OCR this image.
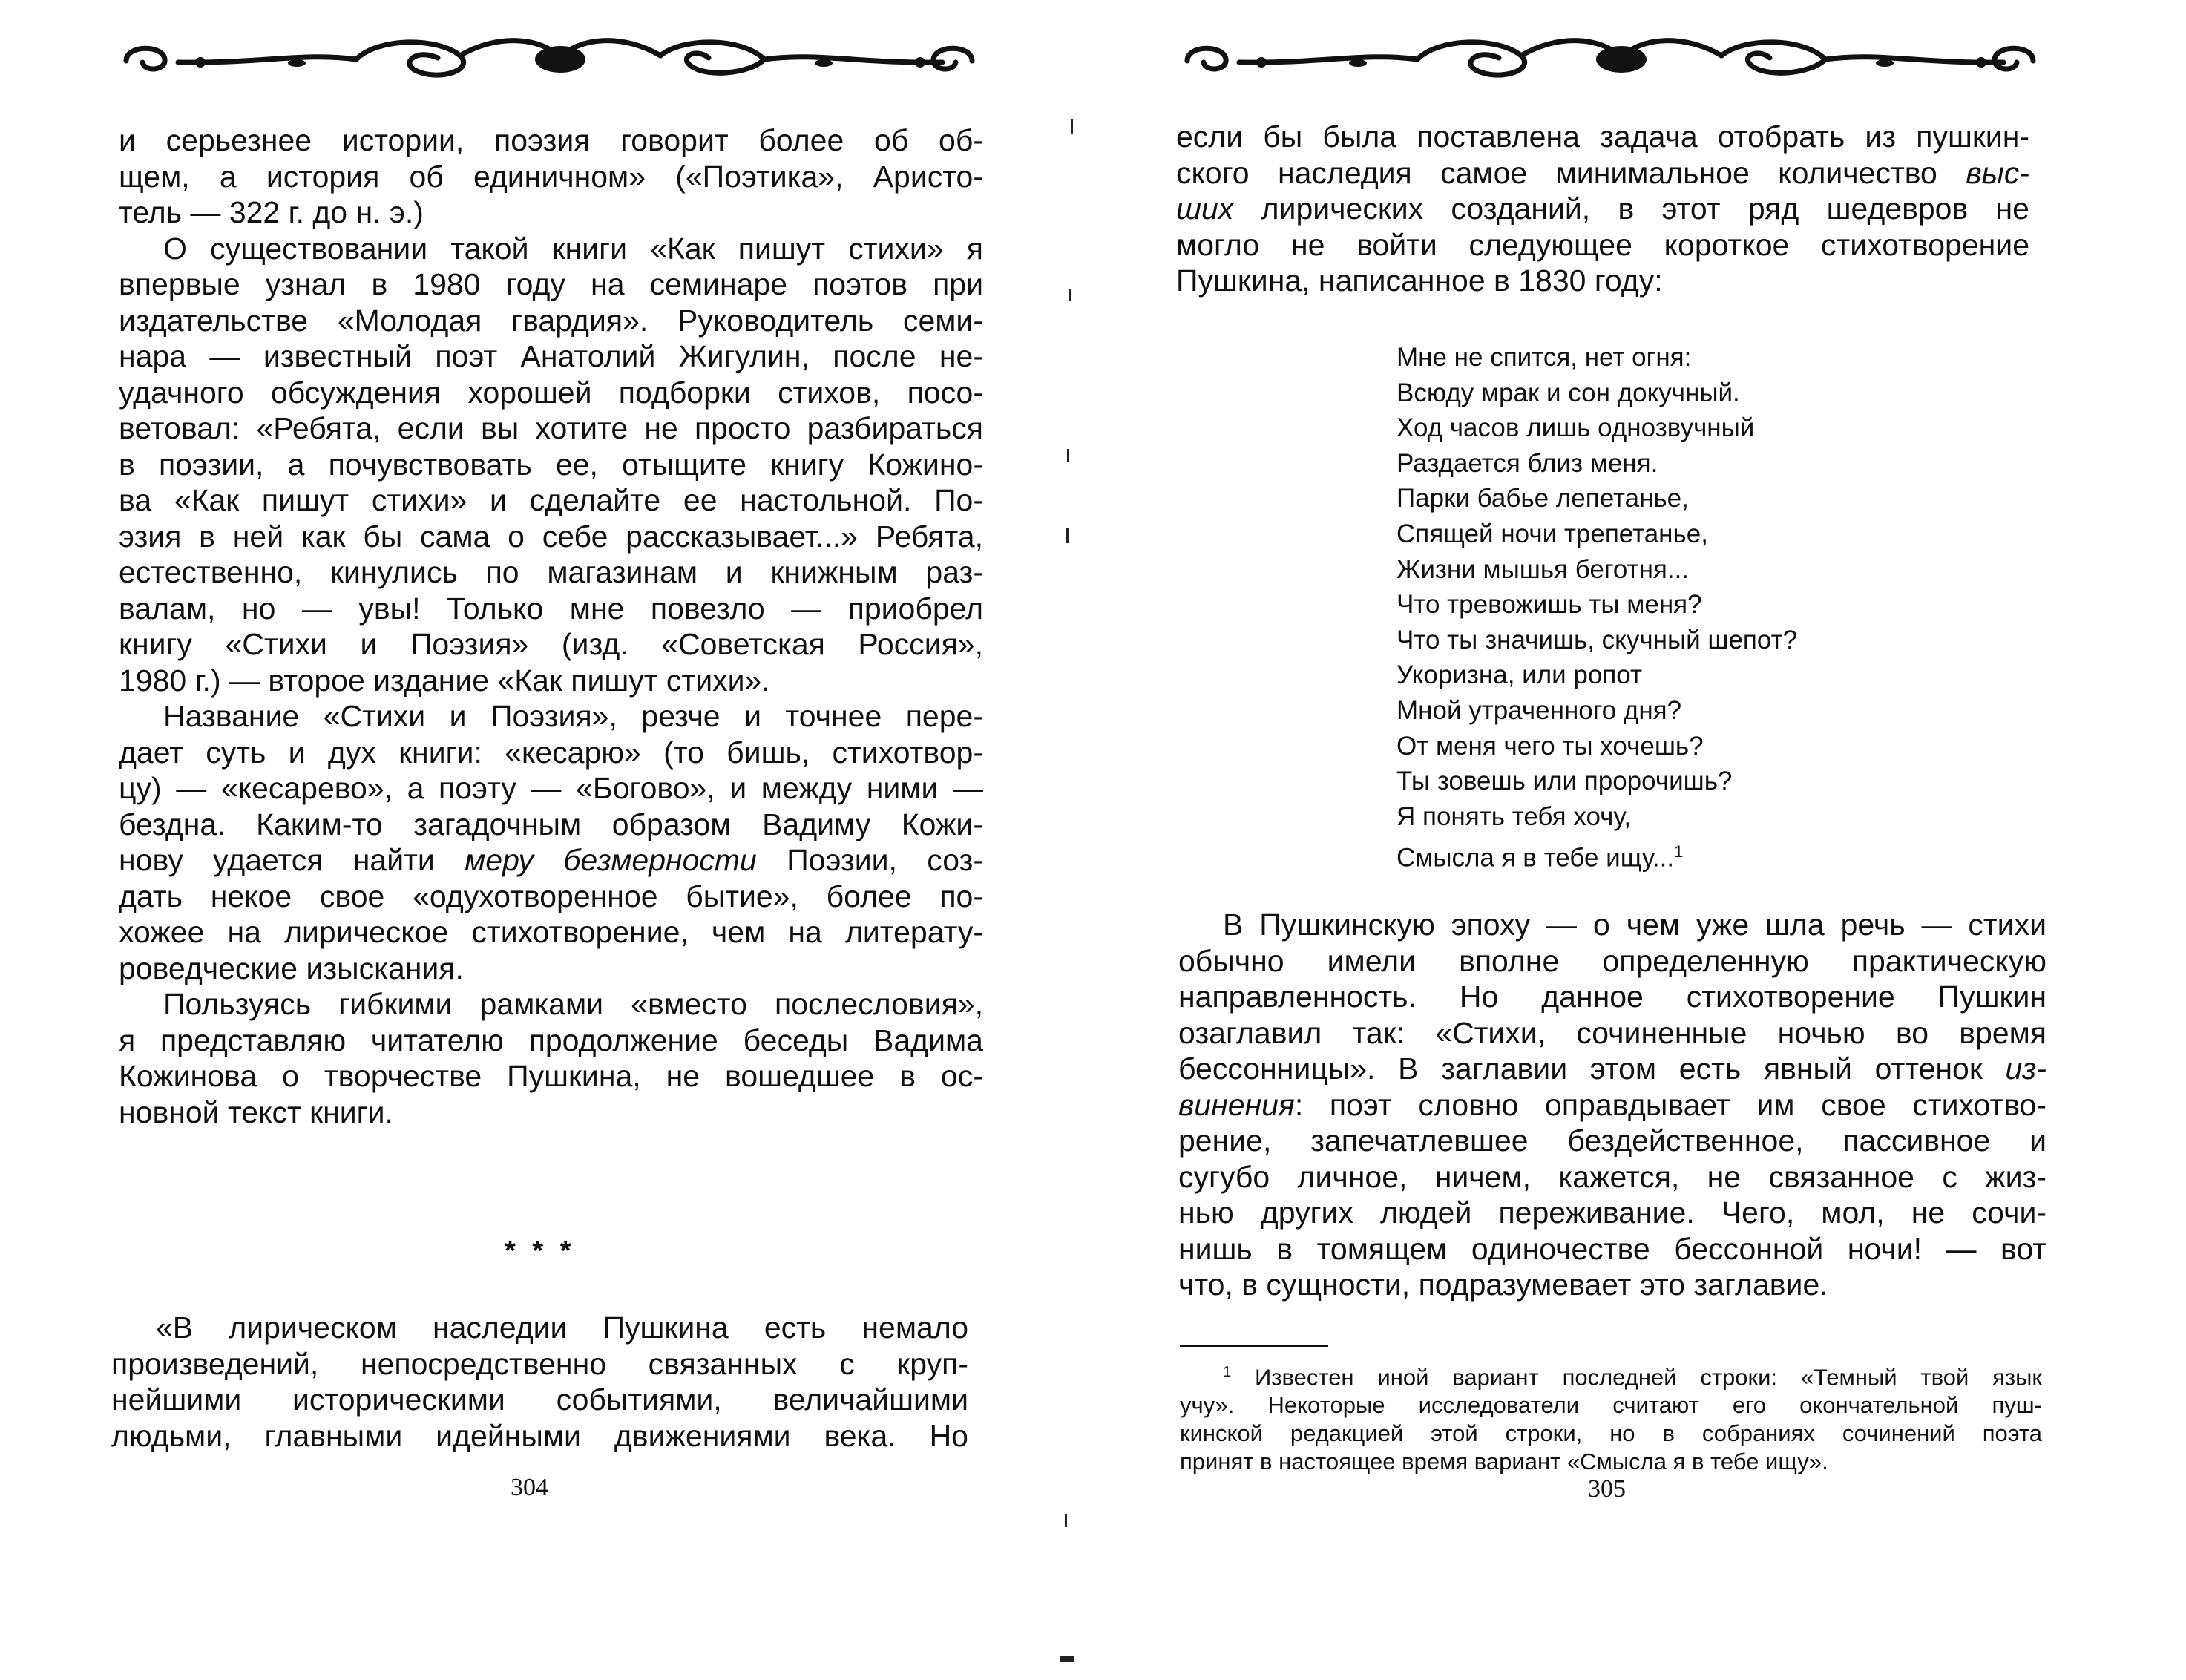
и серьезнее истории, поэзия говорит более об об-
щем, а история об единичном» («Поэтика», Аристо-
тель — 322 г. до н. э.)

О существовании такой книги «Как пишут стихи» я
впервые узнал в 1980 году на семинаре поэтов при
издательстве «Молодая гвардия». Руководитель семи-
нара — известный поэт Анатолий Жигулин, после не-
удачного обсуждения хорошей подборки стихов, посо-
ветовал: «Ребята, если вы хотите не просто разбираться
в поэзии, а почувствовать ее, отыщите книгу Кожино-
ва «Как пишут стихи» и сделайте ее настольной. По-
эзия в ней как бы сама о себе рассказывает...» Ребята,
естественно, кинулись по магазинам и книжным раз-
валам, но — увы! Только мне повезло — приобрел
книгу «Стихи и Поэзия» (изд. «Советская Россия»,
1980 г.) — второе издание «Как пишут стихи».

Название «Стихи и Поэзия», резче и точнее пере-
дает суть и дух книги: «кесарю» (то бишь, стихотвор-
цу) — «кесарево», а поэту — «Богово», и между ними —
бездна. Каким-то загадочным образом Вадиму Кожи-
нову удается найти меру безмерности Поэзии, соз-
дать некое свое «одухотворенное бытие», более по-
хожее на лирическое стихотворение, чем на литерату-
роведческие изыскания.

Пользуясь гибкими рамками «вместо послесловия»,
я представляю читателю продолжение беседы Вадима
Кожинова о творчестве Пушкина, не вошедшее в ос-
новной текст книги.

* * *

«В лирическом наследии Пушкина есть немало
произведений, непосредственно связанных с круп-
нейшими историческими событиями, величайшими
людьми, главными идейными движениями века. Но

304

если бы была поставлена задача отобрать из пушкин-
ского наследия самое минимальное количество выс-
ших лирических созданий, в этот ряд шедевров не
могло не войти следующее короткое стихотворение
Пушкина, написанное в 1830 году:

Мне не спится, нет огня:
Всюду мрак и сон докучный.
Ход часов лишь однозвучный
Раздается близ меня.
Парки бабье лепетанье,
Спящей ночи трепетанье,
Жизни мышья беготня...
Что тревожишь ты меня?
Что ты значишь, скучный шепот?
Укоризна, или ропот
Мной утраченного дня?
От меня чего ты хочешь?
Ты зовешь или пророчишь?
Я понять тебя хочу,
Смысла я в тебе ищу...$^1$

В Пушкинскую эпоху — о чем уже шла речь — стихи
обычно имели вполне определенную практическую
направленность. Но данное стихотворение Пушкин
озаглавил так: «Стихи, сочиненные ночью во время
бессонницы». В заглавии этом есть явный оттенок из-
винения: поэт словно оправдывает им свое стихотво-
рение, запечатлевшее бездейственное, пассивное и
сугубо личное, ничем, кажется, не связанное с жиз-
нью других людей переживание. Чего, мол, не сочи-
нишь в томящем одиночестве бессонной ночи! — вот
что, в сущности, подразумевает это заглавие.

$^1$ Известен иной вариант последней строки: «Темный твой язык
учу». Некоторые исследователи считают его окончательной пуш-
кинской редакцией этой строки, но в собраниях сочинений поэта
принят в настоящее время вариант «Смысла я в тебе ищу».
305
